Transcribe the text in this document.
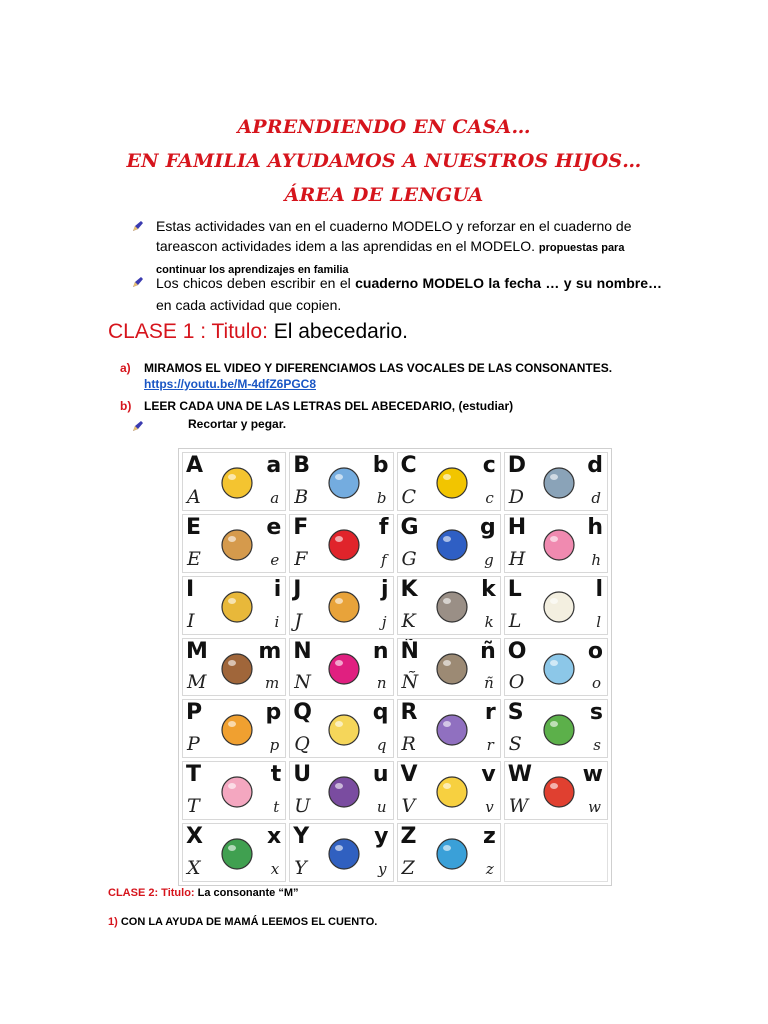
APRENDIENDO EN CASA…
EN FAMILIA AYUDAMOS A NUESTROS HIJOS…
ÁREA DE LENGUA
Estas actividades van en el cuaderno MODELO y reforzar en el cuaderno de tareascon actividades idem a las aprendidas en el MODELO. propuestas para continuar los aprendizajes en familia
Los chicos deben escribir en el cuaderno MODELO la fecha … y su nombre… en cada actividad que copien.
CLASE 1 : Titulo: El abecedario.
a) MIRAMOS EL VIDEO Y DIFERENCIAMOS LAS VOCALES DE LAS CONSONANTES.
https://youtu.be/M-4dfZ6PGC8
b) LEER CADA UNA DE LAS LETRAS DEL ABECEDARIO, (estudiar)
Recortar y pegar.
A	a
A	a
B	b
B	b
C	c
C	c
D	d
D	d
E	e
E	e
F	f
F	f
G	g
G	g
H	h
H	h
I	i
I	i
J	j
J	j
K	k
K	k
L	l
L	l
M m
M	m
N	n
N	n
Ñ	ñ
Ñ	ñ
O	o
O	o
P	p
P	p
Q	q
Q	q
R	r
R	r
S	s
S	s
T	t
T	t
U	u
U	u
V	v
V	v
W w
W	w
X	x
X	x
Y	y
Y	y
Z	z
Z	z
CLASE 2: Titulo: La consonante “M”
1) CON LA AYUDA DE MAMÁ LEEMOS EL CUENTO.
